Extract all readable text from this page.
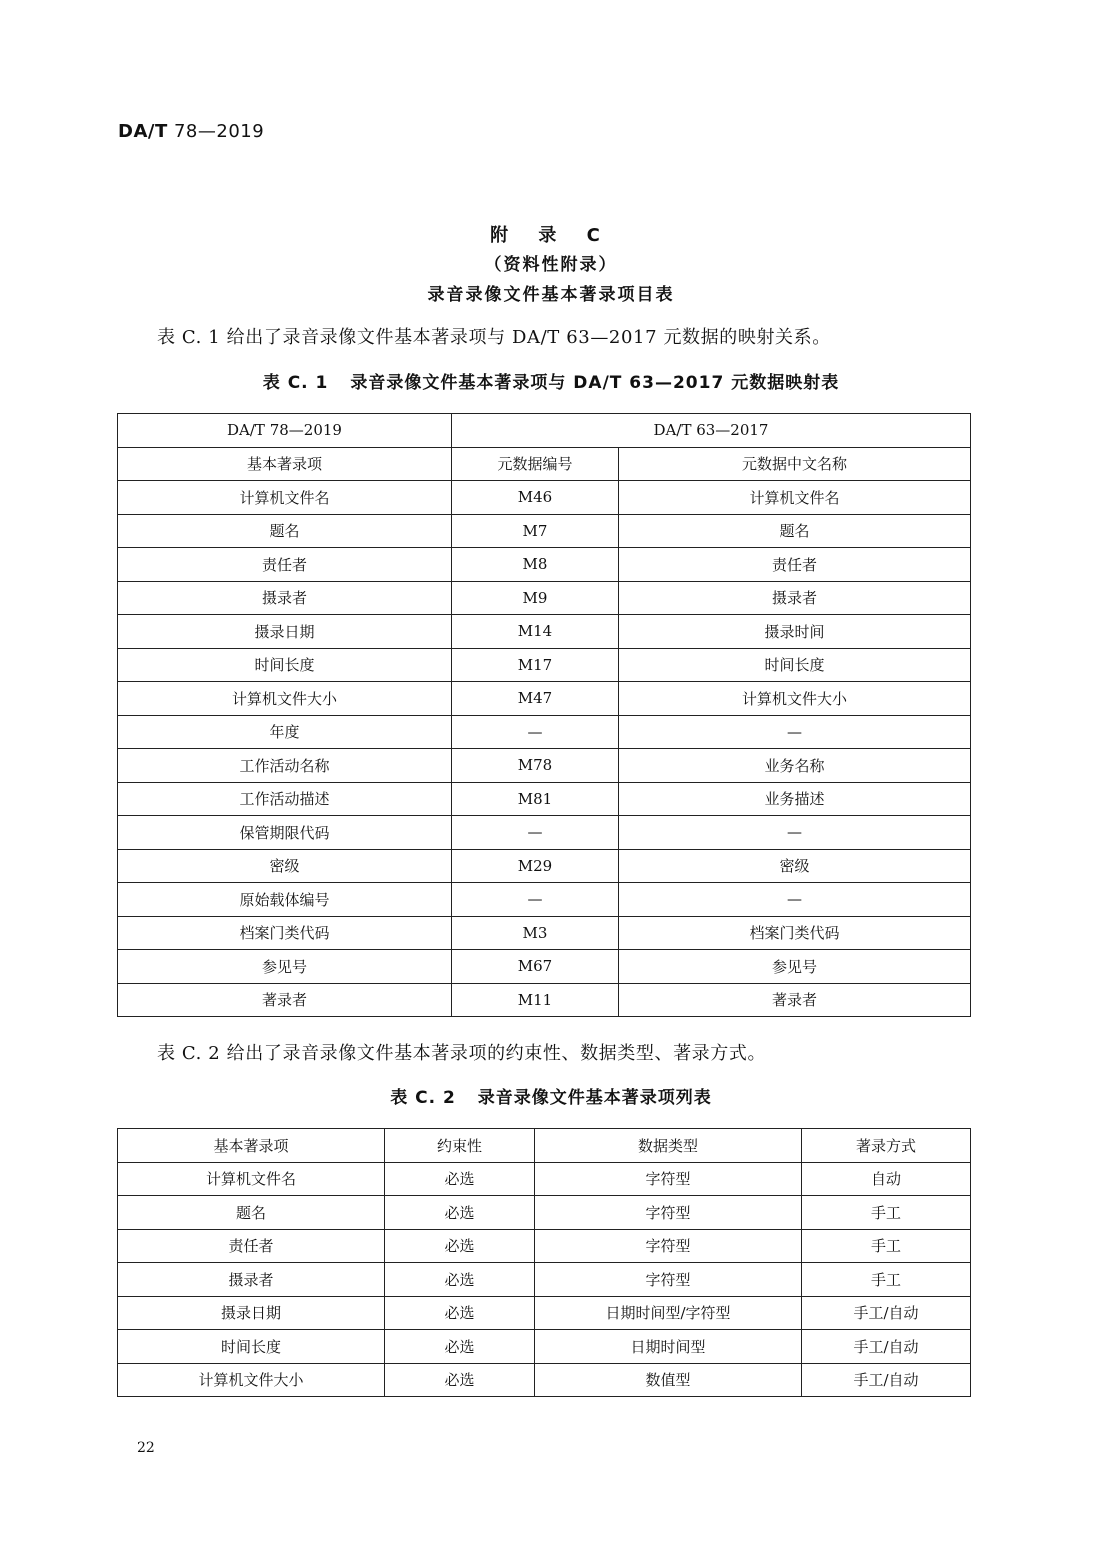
DA/T 78—2019
附 录 C
（资料性附录）
录音录像文件基本著录项目表
表 C. 1 给出了录音录像文件基本著录项与 DA/T 63—2017 元数据的映射关系。
表 C. 1 录音录像文件基本著录项与 DA/T 63—2017 元数据映射表
DA/T 78—2019	DA/T 63—2017	
基本著录项	元数据编号	元数据中文名称
计算机文件名	M46	计算机文件名
题名	M7	题名
责任者	M8	责任者
摄录者	M9	摄录者
摄录日期	M14	摄录时间
时间长度	M17	时间长度
计算机文件大小	M47	计算机文件大小
年度	—	—
工作活动名称	M78	业务名称
工作活动描述	M81	业务描述
保管期限代码	—	—
密级	M29	密级
原始载体编号	—	—
档案门类代码	M3	档案门类代码
参见号	M67	参见号
著录者	M11	著录者
表 C. 2 给出了录音录像文件基本著录项的约束性、数据类型、著录方式。
表 C. 2 录音录像文件基本著录项列表
基本著录项	约束性	数据类型	著录方式
计算机文件名	必选	字符型	自动
题名	必选	字符型	手工
责任者	必选	字符型	手工
摄录者	必选	字符型	手工
摄录日期	必选	日期时间型/字符型	手工/自动
时间长度	必选	日期时间型	手工/自动
计算机文件大小	必选	数值型	手工/自动
22
